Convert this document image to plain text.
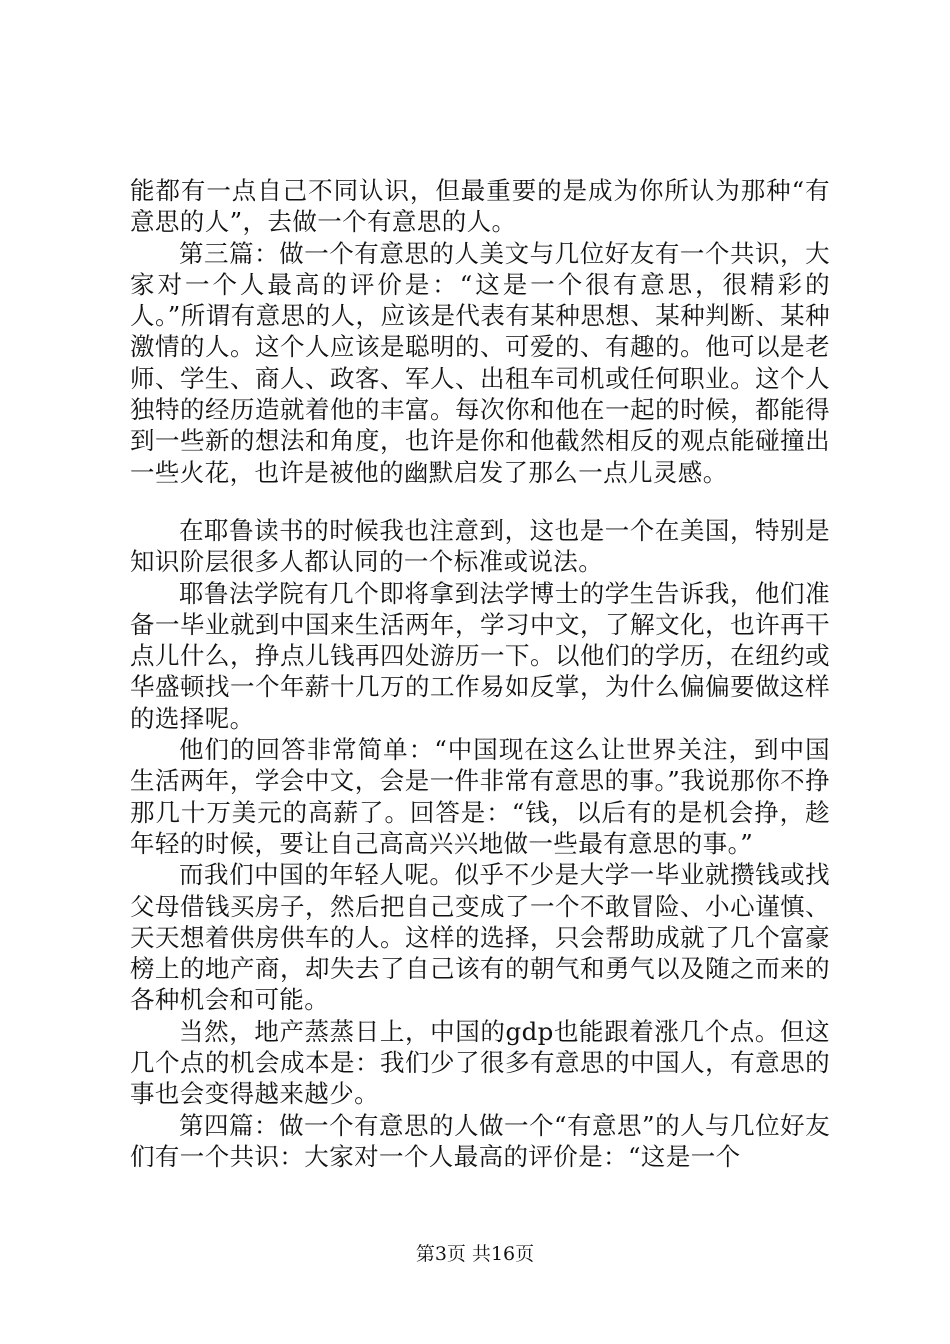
能都有一点自己不同认识，但最重要的是成为你所认为那种“有意思的人”，去做一个有意思的人。

第三篇：做一个有意思的人美文与几位好友有一个共识，大家对一个人最高的评价是：“这是一个很有意思，很精彩的人。”所谓有意思的人，应该是代表有某种思想、某种判断、某种激情的人。这个人应该是聪明的、可爱的、有趣的。他可以是老师、学生、商人、政客、军人、出租车司机或任何职业。这个人独特的经历造就着他的丰富。每次你和他在一起的时候，都能得到一些新的想法和角度，也许是你和他截然相反的观点能碰撞出一些火花，也许是被他的幽默启发了那么一点儿灵感。

在耶鲁读书的时候我也注意到，这也是一个在美国，特别是知识阶层很多人都认同的一个标准或说法。

耶鲁法学院有几个即将拿到法学博士的学生告诉我，他们准备一毕业就到中国来生活两年，学习中文，了解文化，也许再干点儿什么，挣点儿钱再四处游历一下。以他们的学历，在纽约或华盛顿找一个年薪十几万的工作易如反掌，为什么偏偏要做这样的选择呢。

他们的回答非常简单：“中国现在这么让世界关注，到中国生活两年，学会中文，会是一件非常有意思的事。”我说那你不挣那几十万美元的高薪了。回答是：“钱，以后有的是机会挣，趁年轻的时候，要让自己高高兴兴地做一些最有意思的事。”

而我们中国的年轻人呢。似乎不少是大学一毕业就攒钱或找父母借钱买房子，然后把自己变成了一个不敢冒险、小心谨慎、天天想着供房供车的人。这样的选择，只会帮助成就了几个富豪榜上的地产商，却失去了自己该有的朝气和勇气以及随之而来的各种机会和可能。

当然，地产蒸蒸日上，中国的gdp也能跟着涨几个点。但这几个点的机会成本是：我们少了很多有意思的中国人，有意思的事也会变得越来越少。

第四篇：做一个有意思的人做一个“有意思”的人与几位好友们有一个共识：大家对一个人最高的评价是：“这是一个

第3页 共16页
